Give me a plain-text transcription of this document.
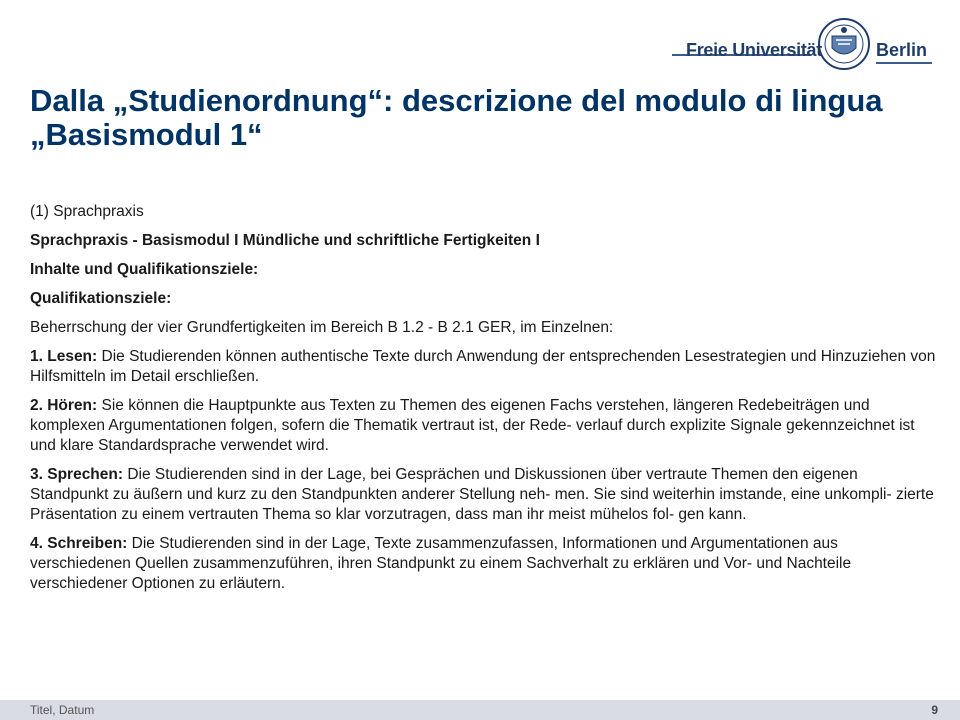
Freie Universität	Berlin
Dalla „Studienordnung“: descrizione del modulo di lingua „Basismodul 1“

(1) Sprachpraxis

Sprachpraxis - Basismodul I Mündliche und schriftliche Fertigkeiten I

Inhalte und Qualifikationsziele:

Qualifikationsziele:

Beherrschung der vier Grundfertigkeiten im Bereich B 1.2 - B 2.1 GER, im Einzelnen:

1. Lesen: Die Studierenden können authentische Texte durch Anwendung der entsprechenden Lesestrategien und Hinzuziehen von Hilfsmitteln im Detail erschließen.

2. Hören: Sie können die Hauptpunkte aus Texten zu Themen des eigenen Fachs verstehen, längeren Redebeiträgen und komplexen Argumentationen folgen, sofern die Thematik vertraut ist, der Rede- verlauf durch explizite Signale gekennzeichnet ist und klare Standardsprache verwendet wird.

3. Sprechen: Die Studierenden sind in der Lage, bei Gesprächen und Diskussionen über vertraute Themen den eigenen Standpunkt zu äußern und kurz zu den Standpunkten anderer Stellung neh- men. Sie sind weiterhin imstande, eine unkompli- zierte Präsentation zu einem vertrauten Thema so klar vorzutragen, dass man ihr meist mühelos fol- gen kann.

4. Schreiben: Die Studierenden sind in der Lage, Texte zusammenzufassen, Informationen und Argumentationen aus verschiedenen Quellen zusammenzuführen, ihren Standpunkt zu einem Sachverhalt zu erklären und Vor- und Nachteile verschiedener Optionen zu erläutern.

Titel, Datum	9
